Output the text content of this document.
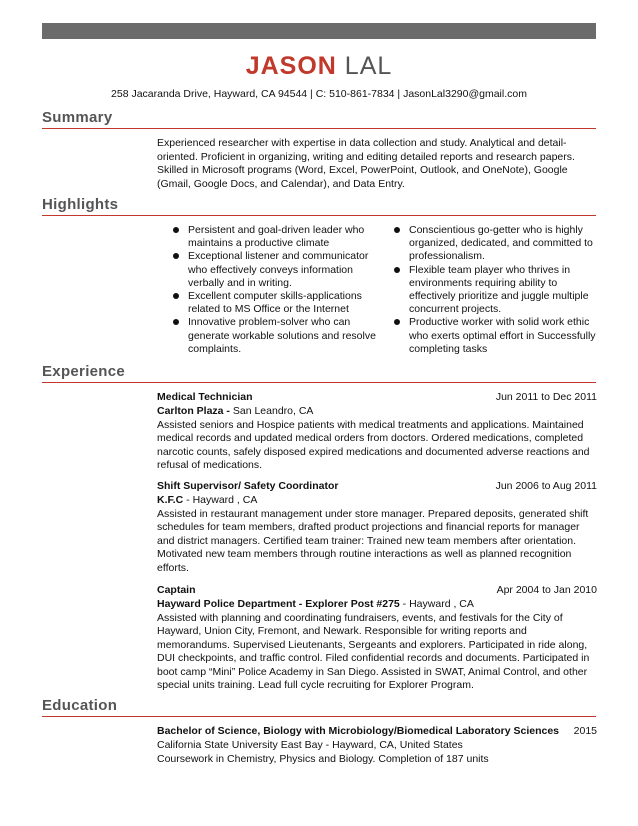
JASON LAL
258 Jacaranda Drive, Hayward, CA 94544 | C: 510-861-7834 | JasonLal3290@gmail.com
Summary
Experienced researcher with expertise in data collection and study. Analytical and detail-oriented. Proficient in organizing, writing and editing detailed reports and research papers. Skilled in Microsoft programs (Word, Excel, PowerPoint, Outlook, and OneNote), Google (Gmail, Google Docs, and Calendar), and Data Entry.
Highlights
Persistent and goal-driven leader who maintains a productive climate
Exceptional listener and communicator who effectively conveys information verbally and in writing.
Excellent computer skills-applications related to MS Office or the Internet
Innovative problem-solver who can generate workable solutions and resolve complaints.
Conscientious go-getter who is highly organized, dedicated, and committed to professionalism.
Flexible team player who thrives in environments requiring ability to effectively prioritize and juggle multiple concurrent projects.
Productive worker with solid work ethic who exerts optimal effort in Successfully completing tasks
Experience
Medical Technician	Jun 2011 to Dec 2011
Carlton Plaza - San Leandro, CA

Assisted seniors and Hospice patients with medical treatments and applications. Maintained medical records and updated medical orders from doctors. Ordered medications, completed narcotic counts, safely disposed expired medications and documented adverse reactions and refusal of medications.

Shift Supervisor/ Safety Coordinator	Jun 2006 to Aug 2011
K.F.C - Hayward , CA

Assisted in restaurant management under store manager. Prepared deposits, generated shift schedules for team members, drafted product projections and financial reports for manager and district managers. Certified team trainer: Trained new team members after orientation. Motivated new team members through routine interactions as well as planned recognition efforts.

Captain	Apr 2004 to Jan 2010
Hayward Police Department - Explorer Post #275 - Hayward , CA

Assisted with planning and coordinating fundraisers, events, and festivals for the City of Hayward, Union City, Fremont, and Newark. Responsible for writing reports and memorandums. Supervised Lieutenants, Sergeants and explorers. Participated in ride along, DUI checkpoints, and traffic control. Filed confidential records and documents. Participated in boot camp “Mini” Police Academy in San Diego. Assisted in SWAT, Animal Control, and other special units training. Lead full cycle recruiting for Explorer Program.

Education
Bachelor of Science, Biology with Microbiology/Biomedical Laboratory Sciences 2015

California State University East Bay - Hayward, CA, United States

Coursework in Chemistry, Physics and Biology. Completion of 187 units
